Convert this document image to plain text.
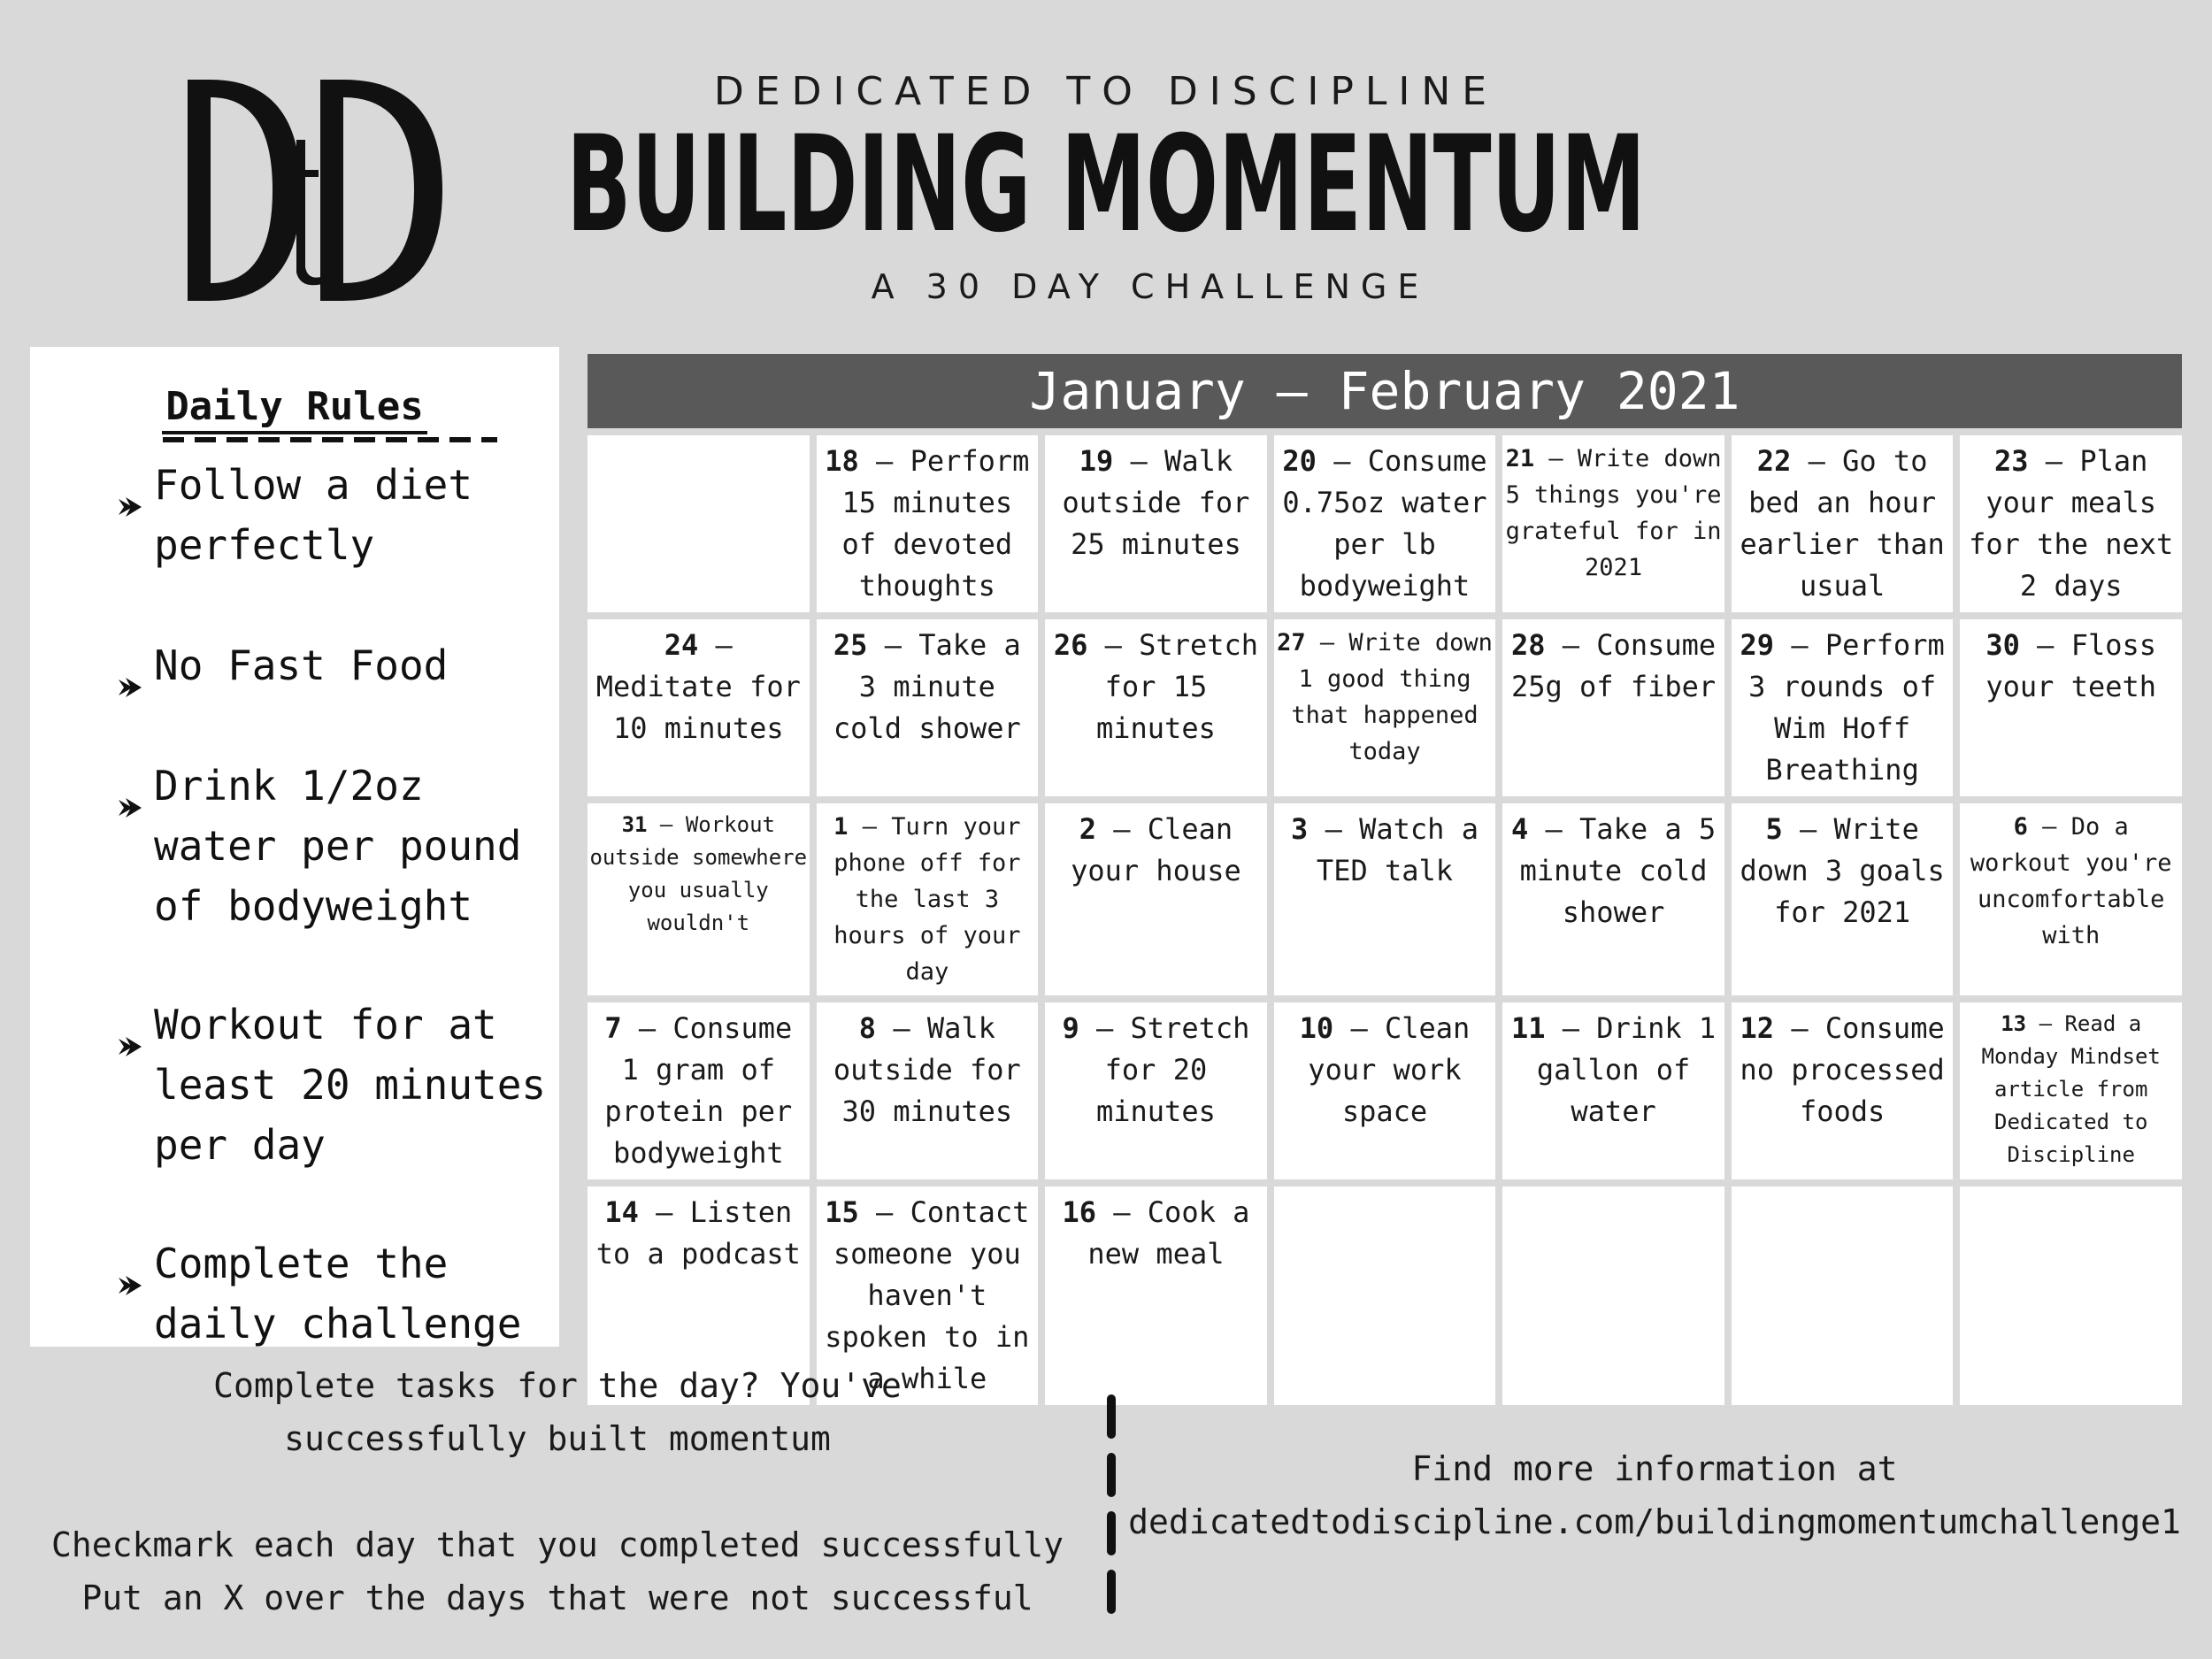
DEDICATED TO DISCIPLINE
BUILDING MOMENTUM
A 30 DAY CHALLENGE
Daily Rules
Follow a diet perfectly
No Fast Food
Drink 1/2oz water per pound of bodyweight
Workout for at least 20 minutes per day
Complete the daily challenge
January – February 2021
18 – Perform 15 minutes of devoted thoughts
19 – Walk outside for 25 minutes
20 – Consume 0.75oz water per lb bodyweight
21 – Write down 5 things you're grateful for in 2021
22 – Go to bed an hour earlier than usual
23 – Plan your meals for the next 2 days
24 – Meditate for 10 minutes
25 – Take a 3 minute cold shower
26 – Stretch for 15 minutes
27 – Write down 1 good thing that happened today
28 – Consume 25g of fiber
29 – Perform 3 rounds of Wim Hoff Breathing
30 – Floss your teeth
31 – Workout outside somewhere you usually wouldn't
1 – Turn your phone off for the last 3 hours of your day
2 – Clean your house
3 – Watch a TED talk
4 – Take a 5 minute cold shower
5 – Write down 3 goals for 2021
6 – Do a workout you're uncomfortable with
7 – Consume 1 gram of protein per bodyweight
8 – Walk outside for 30 minutes
9 – Stretch for 20 minutes
10 – Clean your work space
11 – Drink 1 gallon of water
12 – Consume no processed foods
13 – Read a Monday Mindset article from Dedicated to Discipline
14 – Listen to a podcast
15 – Contact someone you haven't spoken to in a while
16 – Cook a new meal
Complete tasks for the day? You've
successfully built momentum
Checkmark each day that you completed successfully
Put an X over the days that were not successful
Find more information at
dedicatedtodiscipline.com/buildingmomentumchallenge1
